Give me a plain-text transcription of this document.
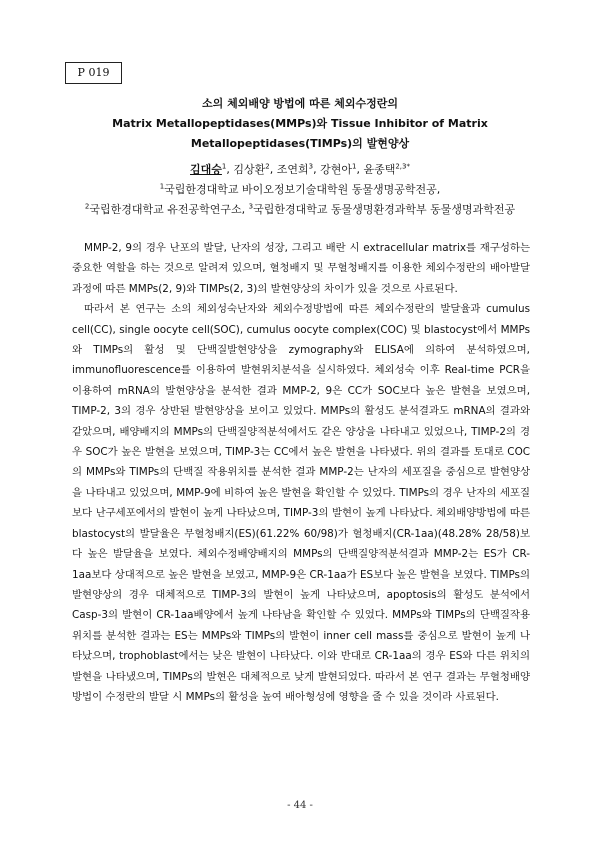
P 019
소의 체외배양 방법에 따른 체외수정란의
Matrix Metallopeptidases(MMPs)와 Tissue Inhibitor of Matrix
Metallopeptidases(TIMPs)의 발현양상
김대승$^1$, 김상환$^2$, 조연희$^3$, 강현아$^1$, 윤종택$^{2,3*}$
$^1$국립한경대학교 바이오정보기술대학원 동물생명공학전공,
$^2$국립한경대학교 유전공학연구소, $^3$국립한경대학교 동물생명환경과학부 동물생명과학전공

MMP-2, 9의 경우 난포의 발달, 난자의 성장, 그리고 배란 시 extracellular matrix를 재구성하는 중요한 역할을 하는 것으로 알려져 있으며, 혈청배지 및 무혈청배지를 이용한 체외수정란의 배아발달 과정에 따른 MMPs(2, 9)와 TIMPs(2, 3)의 발현양상의 차이가 있을 것으로 사료된다.

따라서 본 연구는 소의 체외성숙난자와 체외수정방법에 따른 체외수정란의 발달율과 cumulus cell(CC), single oocyte cell(SOC), cumulus oocyte complex(COC) 및 blastocyst에서 MMPs와 TIMPs의 활성 및 단백질발현양상을 zymography와 ELISA에 의하여 분석하였으며, immunofluorescence를 이용하여 발현위치분석을 실시하였다. 체외성숙 이후 Real-time PCR을 이용하여 mRNA의 발현양상을 분석한 결과 MMP-2, 9은 CC가 SOC보다 높은 발현을 보였으며, TIMP-2, 3의 경우 상반된 발현양상을 보이고 있었다. MMPs의 활성도 분석결과도 mRNA의 결과와 같았으며, 배양배지의 MMPs의 단백질양적분석에서도 같은 양상을 나타내고 있었으나, TIMP-2의 경우 SOC가 높은 발현을 보였으며, TIMP-3는 CC에서 높은 발현을 나타냈다. 위의 결과를 토대로 COC의 MMPs와 TIMPs의 단백질 작용위치를 분석한 결과 MMP-2는 난자의 세포질을 중심으로 발현양상을 나타내고 있었으며, MMP-9에 비하여 높은 발현을 확인할 수 있었다. TIMPs의 경우 난자의 세포질보다 난구세포에서의 발현이 높게 나타났으며, TIMP-3의 발현이 높게 나타났다. 체외배양방법에 따른 blastocyst의 발달율은 무혈청배지(ES)(61.22% 60/98)가 혈청배지(CR-1aa)(48.28% 28/58)보다 높은 발달율을 보였다. 체외수정배양배지의 MMPs의 단백질양적분석결과 MMP-2는 ES가 CR-1aa보다 상대적으로 높은 발현을 보였고, MMP-9은 CR-1aa가 ES보다 높은 발현을 보였다. TIMPs의 발현양상의 경우 대체적으로 TIMP-3의 발현이 높게 나타났으며, apoptosis의 활성도 분석에서 Casp-3의 발현이 CR-1aa배양에서 높게 나타남을 확인할 수 있었다. MMPs와 TIMPs의 단백질작용위치를 분석한 결과는 ES는 MMPs와 TIMPs의 발현이 inner cell mass를 중심으로 발현이 높게 나타났으며, trophoblast에서는 낮은 발현이 나타났다. 이와 반대로 CR-1aa의 경우 ES와 다른 위치의 발현을 나타냈으며, TIMPs의 발현은 대체적으로 낮게 발현되었다. 따라서 본 연구 결과는 무혈청배양 방법이 수정란의 발달 시 MMPs의 활성을 높여 배아형성에 영향을 줄 수 있을 것이라 사료된다.

- 44 -
